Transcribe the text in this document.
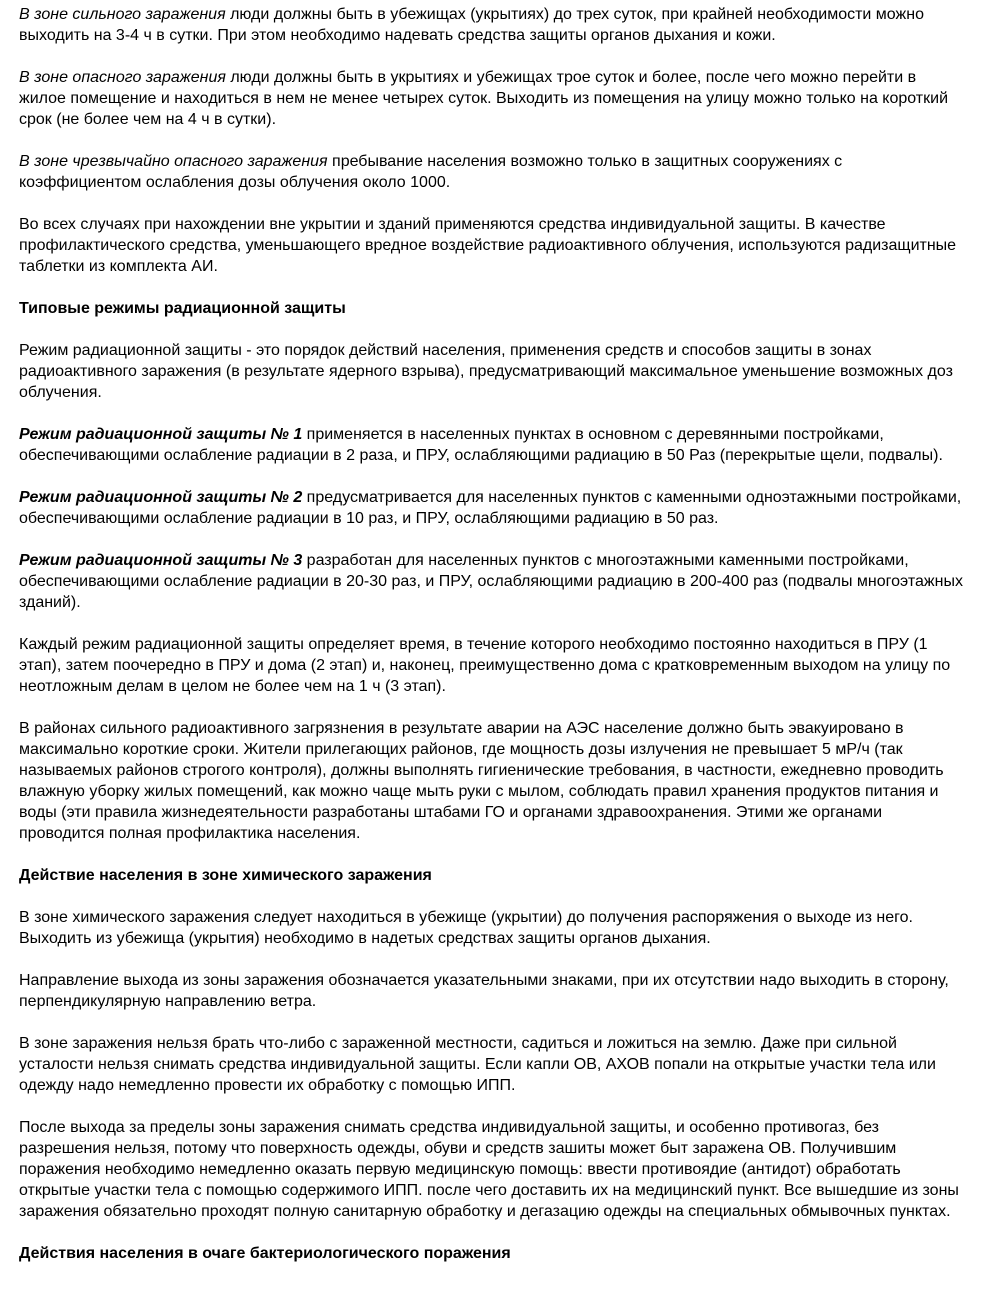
В зоне сильного заражения люди должны быть в убежищах (укрытиях) до трех суток, при крайней необходимости можно выходить на 3-4 ч в сутки. При этом необходимо надевать средства защиты органов дыхания и кожи.

В зоне опасного заражения люди должны быть в укрытиях и убежищах трое суток и более, после чего можно перейти в жилое помещение и находиться в нем не менее четырех суток. Выходить из помещения на улицу можно только на короткий срок (не более чем на 4 ч в сутки).

В зоне чрезвычайно опасного заражения пребывание населения возможно только в защитных сооружениях с коэффициентом ослабления дозы облучения около 1000.

Во всех случаях при нахождении вне укрытии и зданий применяются средства индивидуальной защиты. В качестве профилактического средства, уменьшающего вредное воздействие радиоактивного облучения, используются радизащитные таблетки из комплекта АИ.

Типовые режимы радиационной защиты

Режим радиационной защиты - это порядок действий населения, применения средств и способов защиты в зонах радиоактивного заражения (в результате ядерного взрыва), предусматривающий максимальное уменьшение возможных доз облучения.

Режим радиационной защиты № 1 применяется в населенных пунктах в основном с деревянными постройками, обеспечивающими ослабление радиации в 2 раза, и ПРУ, ослабляющими радиацию в 50 Раз (перекрытые щели, подвалы).

Режим радиационной защиты № 2 предусматривается для населенных пунктов с каменными одноэтажными постройками, обеспечивающими ослабление радиации в 10 раз, и ПРУ, ослабляющими радиацию в 50 раз.

Режим радиационной защиты № 3 разработан для населенных пунктов с многоэтажными каменными постройками, обеспечивающими ослабление радиации в 20-30 раз, и ПРУ, ослабляющими радиацию в 200-400 раз (подвалы многоэтажных зданий).

Каждый режим радиационной защиты определяет время, в течение которого необходимо постоянно находиться в ПРУ (1 этап), затем поочередно в ПРУ и дома (2 этап) и, наконец, преимущественно дома с кратковременным выходом на улицу по неотложным делам в целом не более чем на 1 ч (3 этап).

В районах сильного радиоактивного загрязнения в результате аварии на АЭС население должно быть эвакуировано в максимально короткие сроки. Жители прилегающих районов, где мощность дозы излучения не превышает 5 мР/ч (так называемых районов строгого контроля), должны выполнять гигиенические требования, в частности, ежедневно проводить влажную уборку жилых помещений, как можно чаще мыть руки с мылом, соблюдать правил хранения продуктов питания и воды (эти правила жизнедеятельности разработаны штабами ГО и органами здравоохранения. Этими же органами проводится полная профилактика населения.

Действие населения в зоне химического заражения

В зоне химического заражения следует находиться в убежище (укрытии) до получения распоряжения о выходе из него. Выходить из убежища (укрытия) необходимо в надетых средствах защиты органов дыхания.

Направление выхода из зоны заражения обозначается указательными знаками, при их отсутствии надо выходить в сторону, перпендикулярную направлению ветра.

В зоне заражения нельзя брать что-либо с зараженной местности, садиться и ложиться на землю. Даже при сильной усталости нельзя снимать средства индивидуальной защиты. Если капли ОВ, АХОВ попали на открытые участки тела или одежду надо немедленно провести их обработку с помощью ИПП.

После выхода за пределы зоны заражения снимать средства индивидуальной защиты, и особенно противогаз, без разрешения нельзя, потому что поверхность одежды, обуви и средств зашиты может быт заражена ОВ. Получившим поражения необходимо немедленно оказать первую медицинскую помощь: ввести противоядие (антидот) обработать открытые участки тела с помощью содержимого ИПП. после чего доставить их на медицинский пункт. Все вышедшие из зоны заражения обязательно проходят полную санитарную обработку и дегазацию одежды на специальных обмывочных пунктах.

Действия населения в очаге бактериологического поражения
